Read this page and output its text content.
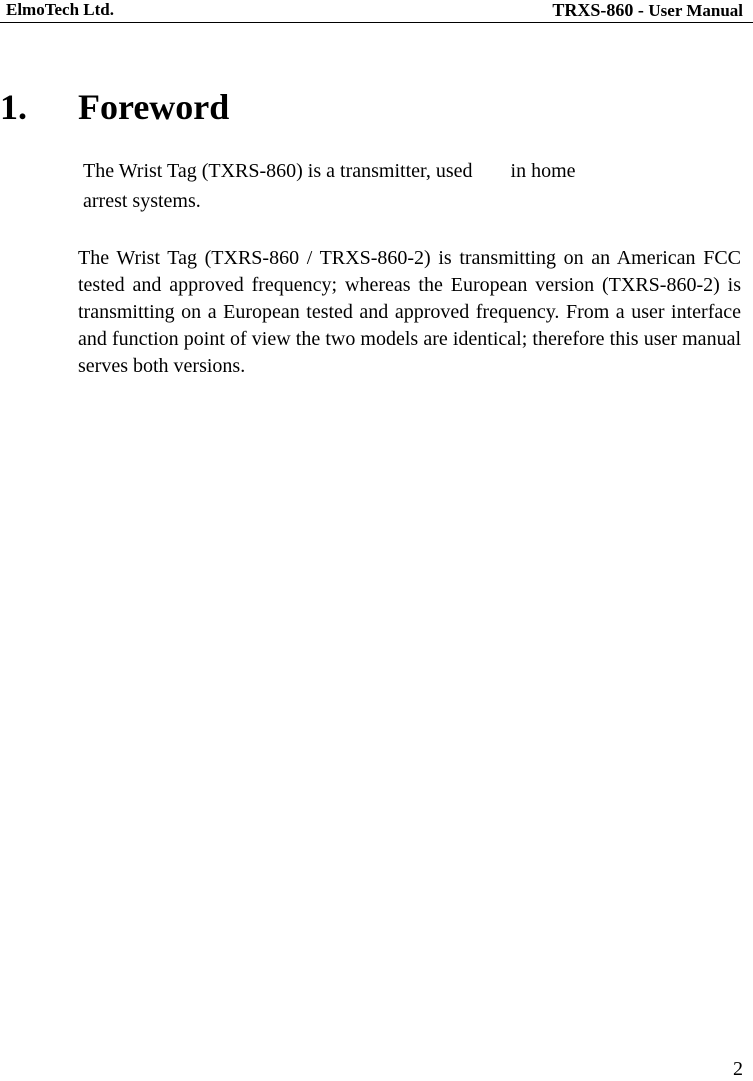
ElmoTech Ltd.	TRXS-860 - User Manual
1. Foreword
The Wrist Tag (TXRS-860) is a transmitter, used in home
arrest systems.
The Wrist Tag (TXRS-860 / TRXS-860-2) is transmitting on an American FCC tested and approved frequency; whereas the European version (TXRS-860-2) is transmitting on a European tested and approved frequency. From a user interface and function point of view the two models are identical; therefore this user manual serves both versions.
2
